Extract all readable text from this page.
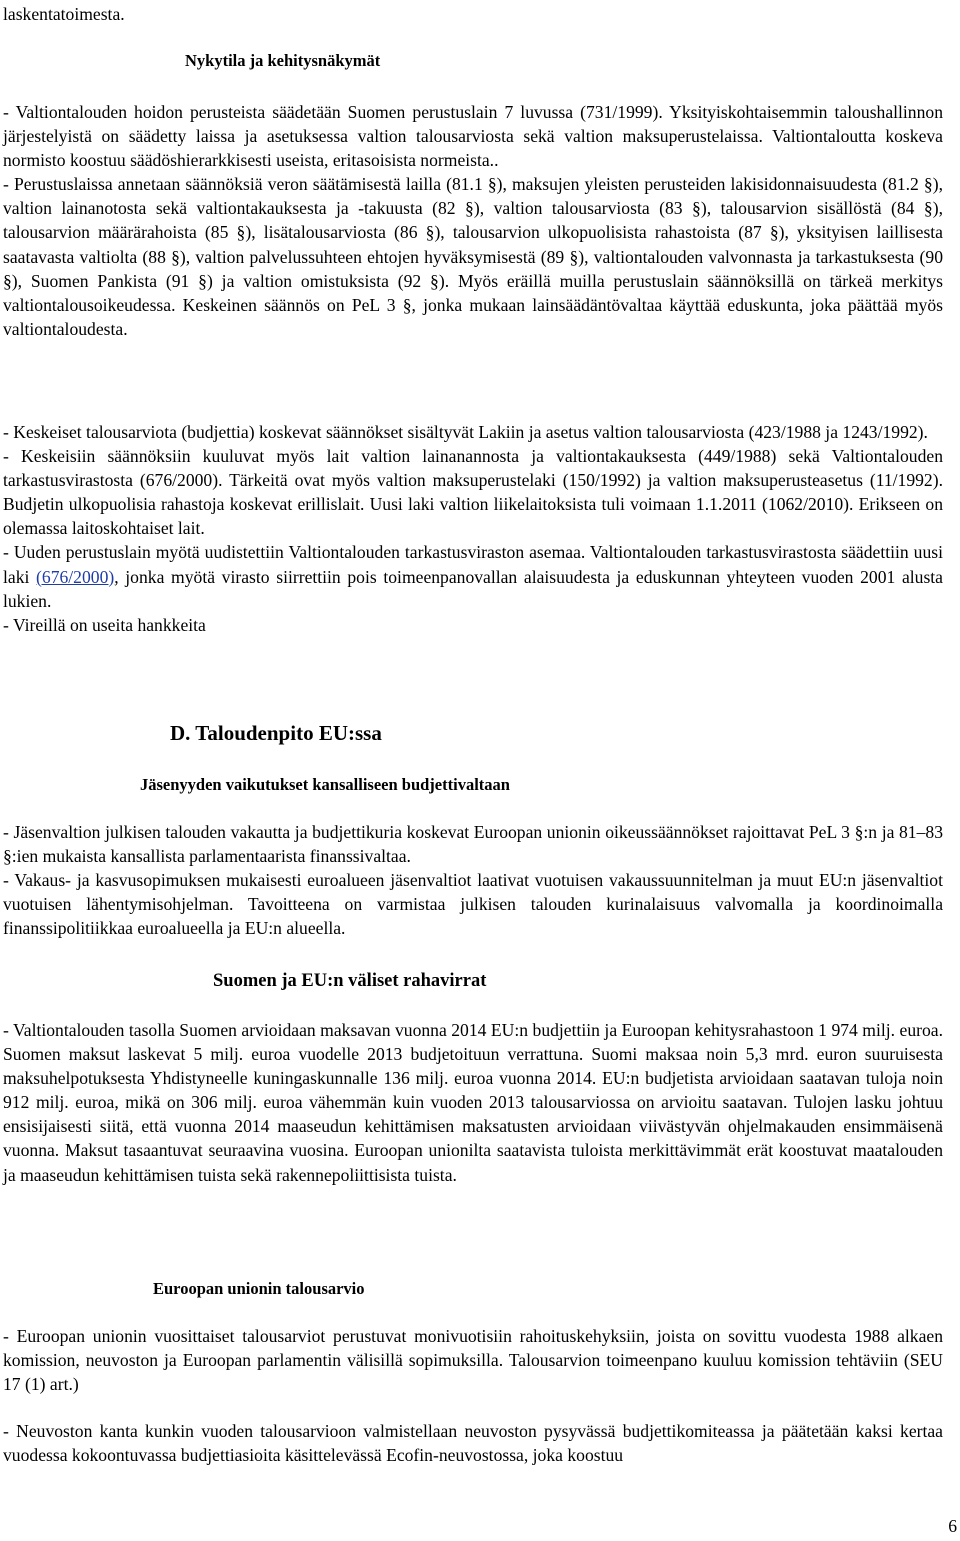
laskentatoimesta.
Nykytila ja kehitysnäkymät

- Valtiontalouden hoidon perusteista säädetään Suomen perustuslain 7 luvussa (731/1999). Yksityiskohtaisemmin taloushallinnon järjestelyistä on säädetty laissa ja asetuksessa valtion talousarviosta sekä valtion maksuperustelaissa. Valtiontaloutta koskeva normisto koostuu säädöshierarkkisesti useista, eritasoisista normeista..

- Perustuslaissa annetaan säännöksiä veron säätämisestä lailla (81.1 §), maksujen yleisten perusteiden lakisidonnaisuudesta (81.2 §), valtion lainanotosta sekä valtiontakauksesta ja -takuusta (82 §), valtion talousarviosta (83 §), talousarvion sisällöstä (84 §), talousarvion määrärahoista (85 §), lisätalousarviosta (86 §), talousarvion ulkopuolisista rahastoista (87 §), yksityisen laillisesta saatavasta valtiolta (88 §), valtion palvelussuhteen ehtojen hyväksymisestä (89 §), valtiontalouden valvonnasta ja tarkastuksesta (90 §), Suomen Pankista (91 §) ja valtion omistuksista (92 §). Myös eräillä muilla perustuslain säännöksillä on tärkeä merkitys valtiontalousoikeudessa. Keskeinen säännös on PeL 3 §, jonka mukaan lainsäädäntövaltaa käyttää eduskunta, joka päättää myös valtiontaloudesta.

- Keskeiset talousarviota (budjettia) koskevat säännökset sisältyvät Lakiin ja asetus valtion talousarviosta (423/1988 ja 1243/1992).

- Keskeisiin säännöksiin kuuluvat myös lait valtion lainanannosta ja valtiontakauksesta (449/1988) sekä Valtiontalouden tarkastusvirastosta (676/2000). Tärkeitä ovat myös valtion maksuperustelaki (150/1992) ja valtion maksuperusteasetus (11/1992). Budjetin ulkopuolisia rahastoja koskevat erillislait. Uusi laki valtion liikelaitoksista tuli voimaan 1.1.2011 (1062/2010). Erikseen on olemassa laitoskohtaiset lait.

- Uuden perustuslain myötä uudistettiin Valtiontalouden tarkastusviraston asemaa. Valtiontalouden tarkastusvirastosta säädettiin uusi laki (676/2000), jonka myötä virasto siirrettiin pois toimeenpanovallan alaisuudesta ja eduskunnan yhteyteen vuoden 2001 alusta lukien.

- Vireillä on useita hankkeita

D. Taloudenpito EU:ssa
Jäsenyyden vaikutukset kansalliseen budjettivaltaan

- Jäsenvaltion julkisen talouden vakautta ja budjettikuria koskevat Euroopan unionin oikeussäännökset rajoittavat PeL 3 §:n ja 81–83 §:ien mukaista kansallista parlamentaarista finanssivaltaa.

- Vakaus- ja kasvusopimuksen mukaisesti euroalueen jäsenvaltiot laativat vuotuisen vakaussuunnitelman ja muut EU:n jäsenvaltiot vuotuisen lähentymisohjelman. Tavoitteena on varmistaa julkisen talouden kurinalaisuus valvomalla ja koordinoimalla finanssipolitiikkaa euroalueella ja EU:n alueella.

Suomen ja EU:n väliset rahavirrat

- Valtiontalouden tasolla Suomen arvioidaan maksavan vuonna 2014 EU:n budjettiin ja Euroopan kehitysrahastoon 1 974 milj. euroa. Suomen maksut laskevat 5 milj. euroa vuodelle 2013 budjetoituun verrattuna. Suomi maksaa noin 5,3 mrd. euron suuruisesta maksuhelpotuksesta Yhdistyneelle kuningaskunnalle 136 milj. euroa vuonna 2014. EU:n budjetista arvioidaan saatavan tuloja noin 912 milj. euroa, mikä on 306 milj. euroa vähemmän kuin vuoden 2013 talousarviossa on arvioitu saatavan. Tulojen lasku johtuu ensisijaisesti siitä, että vuonna 2014 maaseudun kehittämisen maksatusten arvioidaan viivästyvän ohjelmakauden ensimmäisenä vuonna. Maksut tasaantuvat seuraavina vuosina. Euroopan unionilta saatavista tuloista merkittävimmät erät koostuvat maatalouden ja maaseudun kehittämisen tuista sekä rakennepoliittisista tuista.

Euroopan unionin talousarvio

- Euroopan unionin vuosittaiset talousarviot perustuvat monivuotisiin rahoituskehyksiin, joista on sovittu vuodesta 1988 alkaen komission, neuvoston ja Euroopan parlamentin välisillä sopimuksilla. Talousarvion toimeenpano kuuluu komission tehtäviin (SEU 17 (1) art.)

- Neuvoston kanta kunkin vuoden talousarvioon valmistellaan neuvoston pysyvässä budjettikomiteassa ja päätetään kaksi kertaa vuodessa kokoontuvassa budjettiasioita käsittelevässä Ecofin-neuvostossa, joka koostuu

6
